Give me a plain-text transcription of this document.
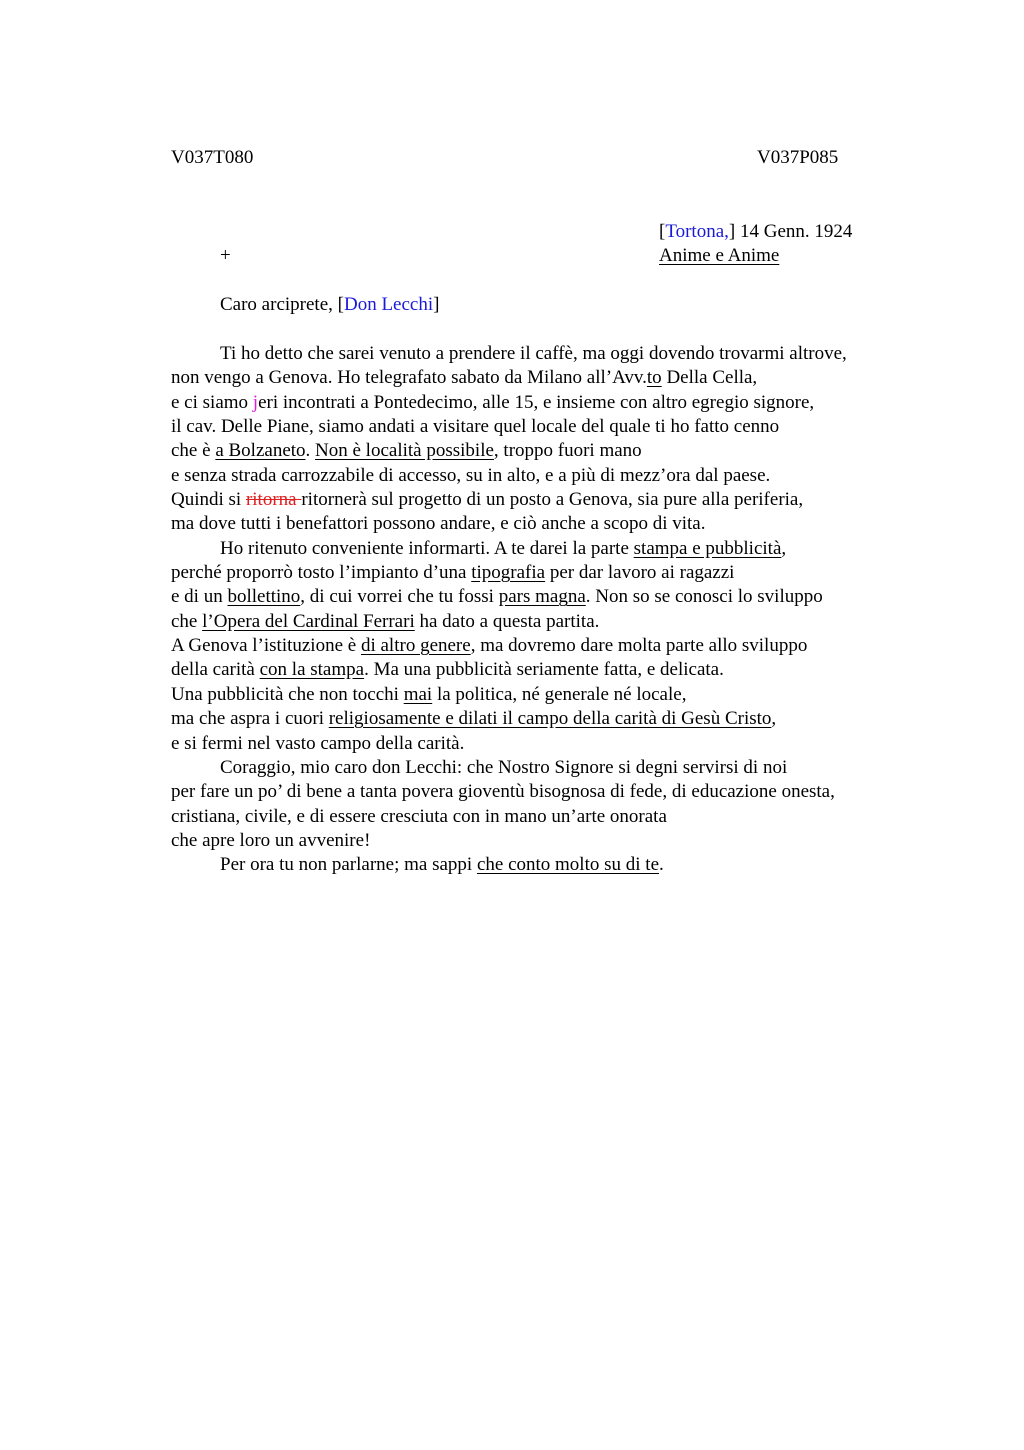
V037T080	V037P085
[Tortona,] 14 Genn. 1924
+	Anime e Anime
Caro arciprete, [Don Lecchi]
Ti ho detto che sarei venuto a prendere il caffè, ma oggi dovendo trovarmi altrove,
non vengo a Genova. Ho telegrafato sabato da Milano all’Avv.to Della Cella,
e ci siamo jeri incontrati a Pontedecimo, alle 15, e insieme con altro egregio signore,
il cav. Delle Piane, siamo andati a visitare quel locale del quale ti ho fatto cenno
che è a Bolzaneto. Non è località possibile, troppo fuori mano
e senza strada carrozzabile di accesso, su in alto, e a più di mezz’ora dal paese.
Quindi si ritorna ritornerà sul progetto di un posto a Genova, sia pure alla periferia,
ma dove tutti i benefattori possono andare, e ciò anche a scopo di vita.
Ho ritenuto conveniente informarti. A te darei la parte stampa e pubblicità,
perché proporrò tosto l’impianto d’una tipografia per dar lavoro ai ragazzi
e di un bollettino, di cui vorrei che tu fossi pars magna. Non so se conosci lo sviluppo
che l’Opera del Cardinal Ferrari ha dato a questa partita.
A Genova l’istituzione è di altro genere, ma dovremo dare molta parte allo sviluppo
della carità con la stampa. Ma una pubblicità seriamente fatta, e delicata.
Una pubblicità che non tocchi mai la politica, né generale né locale,
ma che aspra i cuori religiosamente e dilati il campo della carità di Gesù Cristo,
e si fermi nel vasto campo della carità.
Coraggio, mio caro don Lecchi: che Nostro Signore si degni servirsi di noi
per fare un po’ di bene a tanta povera gioventù bisognosa di fede, di educazione onesta,
cristiana, civile, e di essere cresciuta con in mano un’arte onorata
che apre loro un avvenire!
Per ora tu non parlarne; ma sappi che conto molto su di te.
